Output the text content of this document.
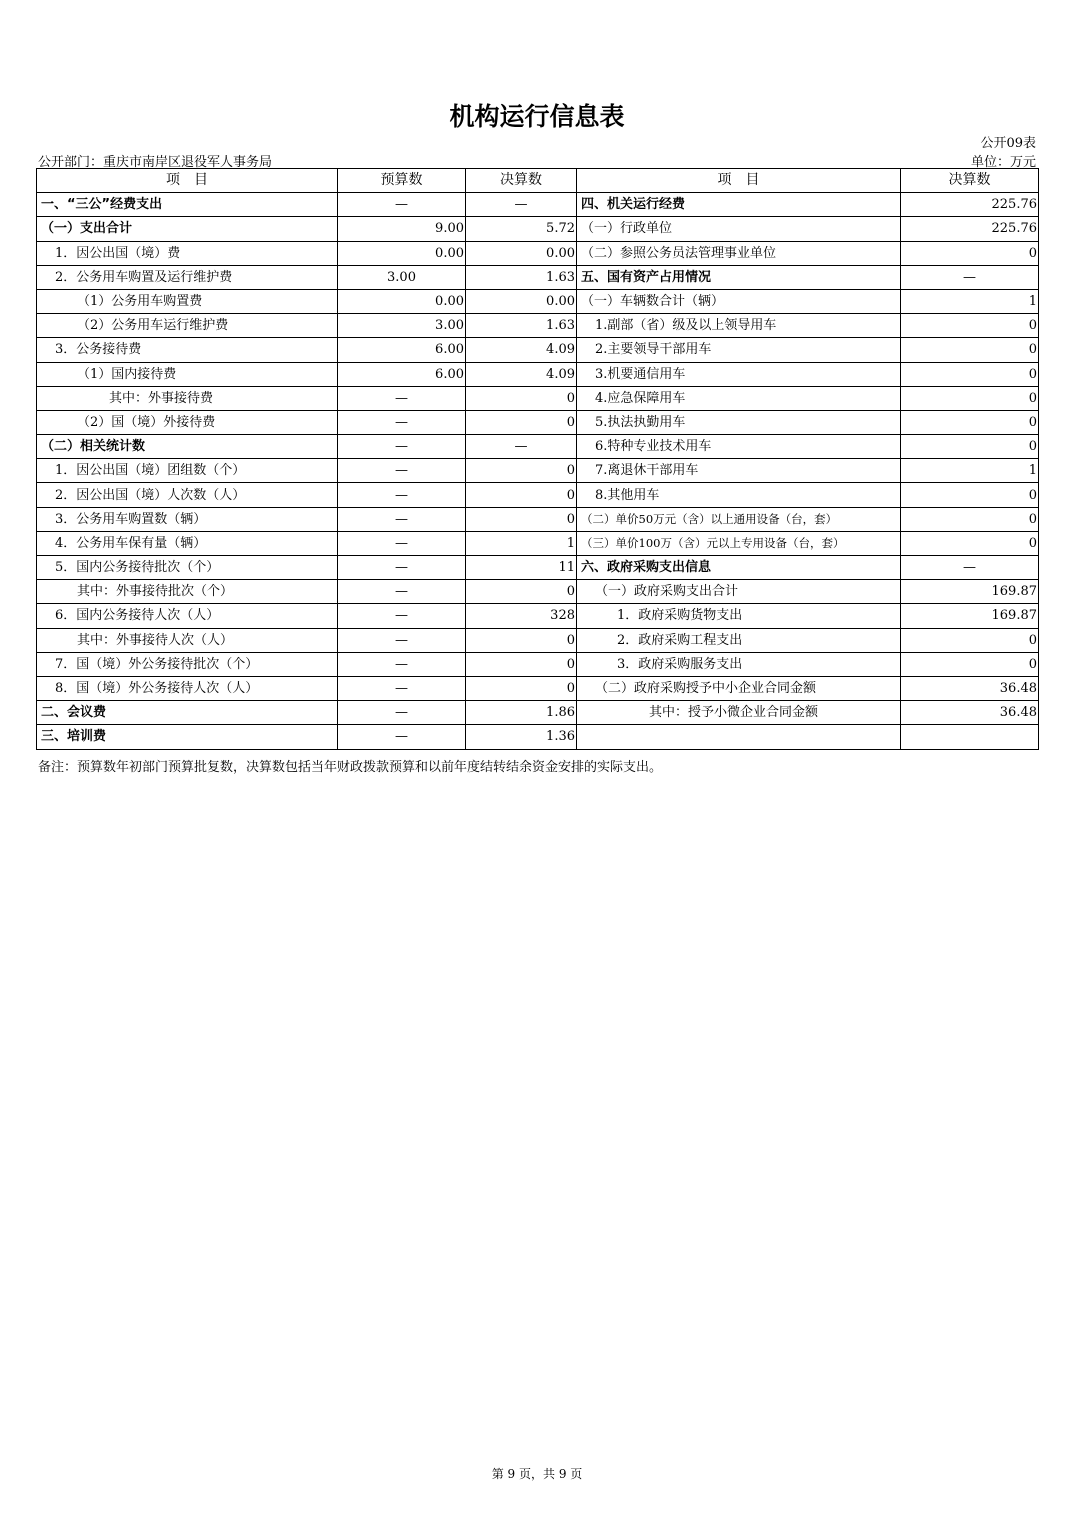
机构运行信息表
公开09表
公开部门：重庆市南岸区退役军人事务局	单位：万元
项　目	预算数	决算数	项　目	决算数
一、“三公”经费支出	—	—	四、机关运行经费	225.76
（一）支出合计	9.00	5.72	（一）行政单位	225.76
1．因公出国（境）费	0.00	0.00	（二）参照公务员法管理事业单位	0
2．公务用车购置及运行维护费	3.00	1.63	五、国有资产占用情况	—
（1）公务用车购置费	0.00	0.00	（一）车辆数合计（辆）	1
（2）公务用车运行维护费	3.00	1.63	1.副部（省）级及以上领导用车	0
3．公务接待费	6.00	4.09	2.主要领导干部用车	0
（1）国内接待费	6.00	4.09	3.机要通信用车	0
其中：外事接待费	—	0	4.应急保障用车	0
（2）国（境）外接待费	—	0	5.执法执勤用车	0
（二）相关统计数	—	—	6.特种专业技术用车	0
1．因公出国（境）团组数（个）	—	0	7.离退休干部用车	1
2．因公出国（境）人次数（人）	—	0	8.其他用车	0
3．公务用车购置数（辆）	—	0	（二）单价50万元（含）以上通用设备（台，套）	0
4．公务用车保有量（辆）	—	1	（三）单价100万（含）元以上专用设备（台，套）	0
5．国内公务接待批次（个）	—	11	六、政府采购支出信息	—
其中：外事接待批次（个）	—	0	（一）政府采购支出合计	169.87
6．国内公务接待人次（人）	—	328	1．政府采购货物支出	169.87
其中：外事接待人次（人）	—	0	2．政府采购工程支出	0
7．国（境）外公务接待批次（个）	—	0	3．政府采购服务支出	0
8．国（境）外公务接待人次（人）	—	0	（二）政府采购授予中小企业合同金额	36.48
二、会议费	—	1.86	其中：授予小微企业合同金额	36.48
三、培训费	—	1.36		
备注：预算数年初部门预算批复数，决算数包括当年财政拨款预算和以前年度结转结余资金安排的实际支出。
第 9 页，共 9 页
